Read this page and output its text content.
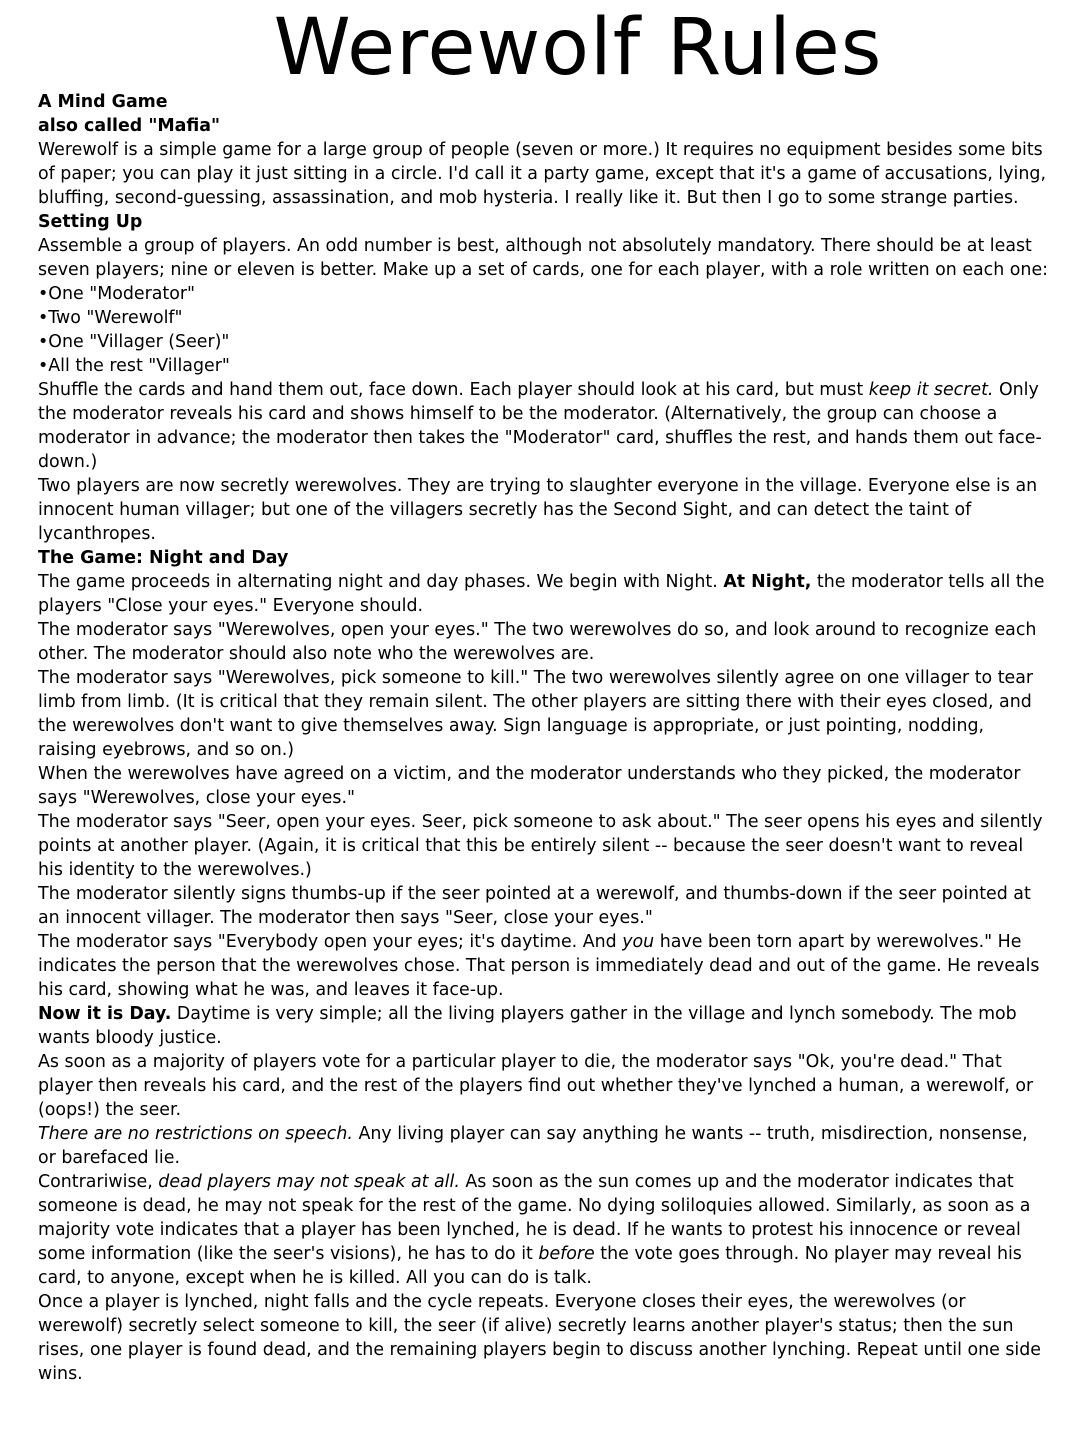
Werewolf Rules

A Mind Game

also called "Mafia"

Werewolf is a simple game for a large group of people (seven or more.) It requires no equipment besides some bits of paper; you can play it just sitting in a circle. I'd call it a party game, except that it's a game of accusations, lying, bluffing, second-guessing, assassination, and mob hysteria. I really like it. But then I go to some strange parties.

Setting Up

Assemble a group of players. An odd number is best, although not absolutely mandatory. There should be at least seven players; nine or eleven is better. Make up a set of cards, one for each player, with a role written on each one:

•One "Moderator"

•Two "Werewolf"

•One "Villager (Seer)"

•All the rest "Villager"

Shuffle the cards and hand them out, face down. Each player should look at his card, but must keep it secret. Only the moderator reveals his card and shows himself to be the moderator. (Alternatively, the group can choose a moderator in advance; the moderator then takes the "Moderator" card, shuffles the rest, and hands them out face-down.)

Two players are now secretly werewolves. They are trying to slaughter everyone in the village. Everyone else is an innocent human villager; but one of the villagers secretly has the Second Sight, and can detect the taint of lycanthropes.

The Game: Night and Day

The game proceeds in alternating night and day phases. We begin with Night. At Night, the moderator tells all the players "Close your eyes." Everyone should.

The moderator says "Werewolves, open your eyes." The two werewolves do so, and look around to recognize each other. The moderator should also note who the werewolves are.

The moderator says "Werewolves, pick someone to kill." The two werewolves silently agree on one villager to tear limb from limb. (It is critical that they remain silent. The other players are sitting there with their eyes closed, and the werewolves don't want to give themselves away. Sign language is appropriate, or just pointing, nodding, raising eyebrows, and so on.)

When the werewolves have agreed on a victim, and the moderator understands who they picked, the moderator says "Werewolves, close your eyes."

The moderator says "Seer, open your eyes. Seer, pick someone to ask about." The seer opens his eyes and silently points at another player. (Again, it is critical that this be entirely silent -- because the seer doesn't want to reveal his identity to the werewolves.)

The moderator silently signs thumbs-up if the seer pointed at a werewolf, and thumbs-down if the seer pointed at an innocent villager. The moderator then says "Seer, close your eyes."

The moderator says "Everybody open your eyes; it's daytime. And you have been torn apart by werewolves." He indicates the person that the werewolves chose. That person is immediately dead and out of the game. He reveals his card, showing what he was, and leaves it face-up.

Now it is Day. Daytime is very simple; all the living players gather in the village and lynch somebody. The mob wants bloody justice.

As soon as a majority of players vote for a particular player to die, the moderator says "Ok, you're dead." That player then reveals his card, and the rest of the players find out whether they've lynched a human, a werewolf, or (oops!) the seer.

There are no restrictions on speech. Any living player can say anything he wants -- truth, misdirection, nonsense, or barefaced lie.

Contrariwise, dead players may not speak at all. As soon as the sun comes up and the moderator indicates that someone is dead, he may not speak for the rest of the game. No dying soliloquies allowed. Similarly, as soon as a majority vote indicates that a player has been lynched, he is dead. If he wants to protest his innocence or reveal some information (like the seer's visions), he has to do it before the vote goes through. No player may reveal his card, to anyone, except when he is killed. All you can do is talk.

Once a player is lynched, night falls and the cycle repeats. Everyone closes their eyes, the werewolves (or werewolf) secretly select someone to kill, the seer (if alive) secretly learns another player's status; then the sun rises, one player is found dead, and the remaining players begin to discuss another lynching. Repeat until one side wins.
